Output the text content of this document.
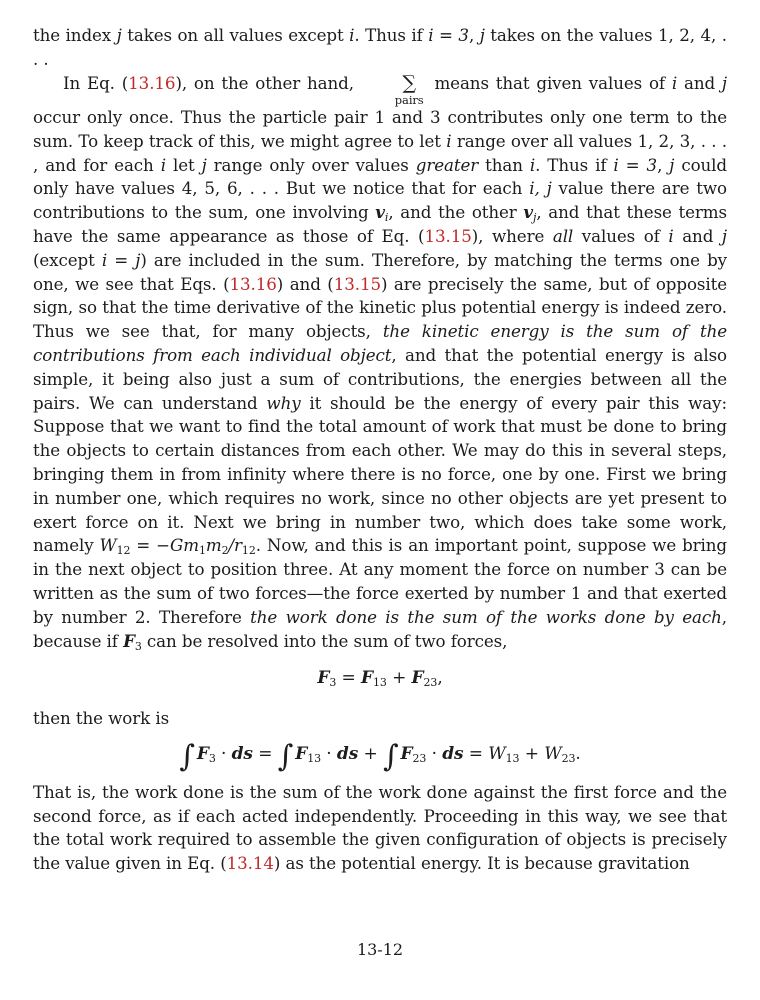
the index j takes on all values except i. Thus if i = 3, j takes on the values 1, 2, 4, . . .

In Eq. (13.16), on the other hand,	∑
pairs
means that given values of i and j occur only once. Thus the particle pair 1 and 3 contributes only one term to the sum. To keep track of this, we might agree to let i range over all values 1, 2, 3, . . . , and for each i let j range only over values greater than i. Thus if i = 3, j could only have values 4, 5, 6, . . . But we notice that for each i, j value there are two contributions to the sum, one involving $v_i$, and the other $v_j$, and that these terms have the same appearance as those of Eq. (13.15), where all values of i and j (except i = j) are included in the sum. Therefore, by matching the terms one by one, we see that Eqs. (13.16) and (13.15) are precisely the same, but of opposite sign, so that the time derivative of the kinetic plus potential energy is indeed zero. Thus we see that, for many objects, the kinetic energy is the sum of the contributions from each individual object, and that the potential energy is also simple, it being also just a sum of contributions, the energies between all the pairs. We can understand why it should be the energy of every pair this way: Suppose that we want to find the total amount of work that must be done to bring the objects to certain distances from each other. We may do this in several steps, bringing them in from infinity where there is no force, one by one. First we bring in number one, which requires no work, since no other objects are yet present to exert force on it. Next we bring in number two, which does take some work, namely $W_{12} = -Gm_1m_2/r_{12}$. Now, and this is an important point, suppose we bring in the next object to position three. At any moment the force on number 3 can be written as the sum of two forces—the force exerted by number 1 and that exerted by number 2. Therefore the work done is the sum of the works done by each, because if $F_3$ can be resolved into the sum of two forces,

$F_3 = F_{13} + F_{23}$,

then the work is

∫ $F_3$ · ds = ∫ $F_{13}$ · ds + ∫ $F_{23}$ · ds = $W_{13} + W_{23}$.

That is, the work done is the sum of the work done against the first force and the second force, as if each acted independently. Proceeding in this way, we see that the total work required to assemble the given configuration of objects is precisely the value given in Eq. (13.14) as the potential energy. It is because gravitation

13-12
